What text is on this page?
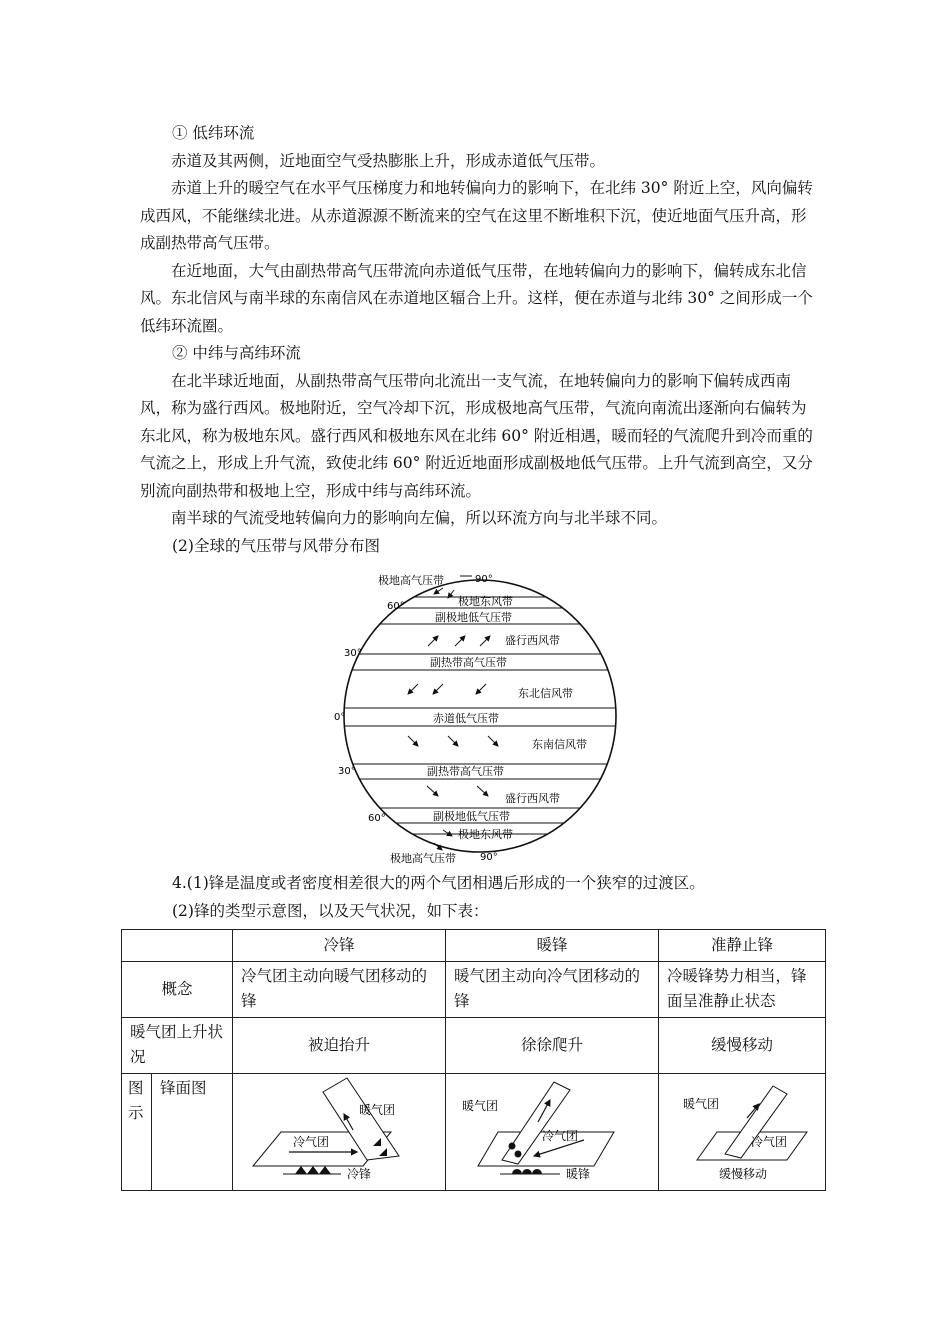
① 低纬环流

赤道及其两侧，近地面空气受热膨胀上升，形成赤道低气压带。

赤道上升的暖空气在水平气压梯度力和地转偏向力的影响下，在北纬 30° 附近上空，风向偏转成西风，不能继续北进。从赤道源源不断流来的空气在这里不断堆积下沉，使近地面气压升高，形成副热带高气压带。

在近地面，大气由副热带高气压带流向赤道低气压带，在地转偏向力的影响下，偏转成东北信风。东北信风与南半球的东南信风在赤道地区辐合上升。这样，便在赤道与北纬 30° 之间形成一个低纬环流圈。

② 中纬与高纬环流

在北半球近地面，从副热带高气压带向北流出一支气流，在地转偏向力的影响下偏转成西南风，称为盛行西风。极地附近，空气冷却下沉，形成极地高气压带，气流向南流出逐渐向右偏转为东北风，称为极地东风。盛行西风和极地东风在北纬 60° 附近相遇，暖而轻的气流爬升到冷而重的气流之上，形成上升气流，致使北纬 60° 附近近地面形成副极地低气压带。上升气流到高空，又分别流向副热带和极地上空，形成中纬与高纬环流。

南半球的气流受地转偏向力的影响向左偏，所以环流方向与北半球不同。

(2)全球的气压带与风带分布图

极地高气压带	90°
60°
30°
0°
30°
60°
极地东风带
副极地低气压带
盛行西风带
副热带高气压带
东北信风带
赤道低气压带
东南信风带
副热带高气压带
盛行西风带
副极地低气压带
极地东风带
极地高气压带 90°

4.(1)锋是温度或者密度相差很大的两个气团相遇后形成的一个狭窄的过渡区。

(2)锋的类型示意图，以及天气状况，如下表：

		冷锋	暖锋	准静止锋
概念		冷气团主动向暖气团移动的锋	暖气团主动向冷气团移动的锋	冷暖锋势力相当，锋面呈准静止状态
暖气团上升状况		被迫抬升	徐徐爬升	缓慢移动
图示	锋面图	暖气团
冷气团
冷锋	暖气团
冷气团
暖锋	暖气团
冷气团
缓慢移动
